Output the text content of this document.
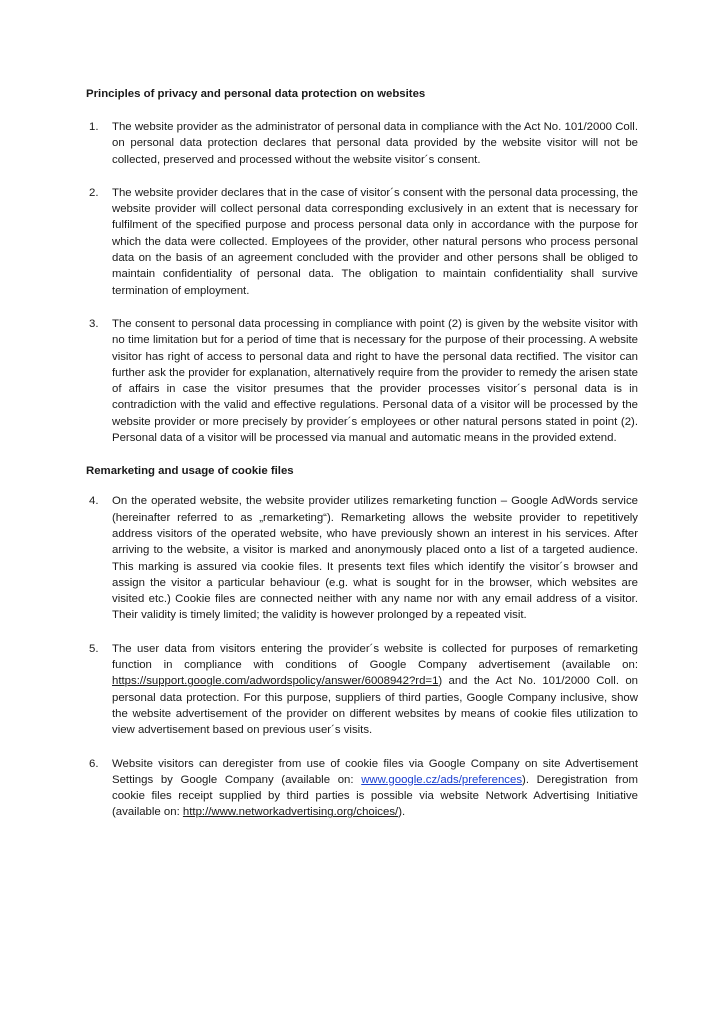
Principles of privacy and personal data protection on websites
1. The website provider as the administrator of personal data in compliance with the Act No. 101/2000 Coll. on personal data protection declares that personal data provided by the website visitor will not be collected, preserved and processed without the website visitor´s consent.
2. The website provider declares that in the case of visitor´s consent with the personal data processing, the website provider will collect personal data corresponding exclusively in an extent that is necessary for fulfilment of the specified purpose and process personal data only in accordance with the purpose for which the data were collected. Employees of the provider, other natural persons who process personal data on the basis of an agreement concluded with the provider and other persons shall be obliged to maintain confidentiality of personal data. The obligation to maintain confidentiality shall survive termination of employment.
3. The consent to personal data processing in compliance with point (2) is given by the website visitor with no time limitation but for a period of time that is necessary for the purpose of their processing. A website visitor has right of access to personal data and right to have the personal data rectified. The visitor can further ask the provider for explanation, alternatively require from the provider to remedy the arisen state of affairs in case the visitor presumes that the provider processes visitor´s personal data is in contradiction with the valid and effective regulations. Personal data of a visitor will be processed by the website provider or more precisely by provider´s employees or other natural persons stated in point (2). Personal data of a visitor will be processed via manual and automatic means in the provided extend.
Remarketing and usage of cookie files
4. On the operated website, the website provider utilizes remarketing function – Google AdWords service (hereinafter referred to as „remarketing“). Remarketing allows the website provider to repetitively address visitors of the operated website, who have previously shown an interest in his services. After arriving to the website, a visitor is marked and anonymously placed onto a list of a targeted audience. This marking is assured via cookie files. It presents text files which identify the visitor´s browser and assign the visitor a particular behaviour (e.g. what is sought for in the browser, which websites are visited etc.) Cookie files are connected neither with any name nor with any email address of a visitor. Their validity is timely limited; the validity is however prolonged by a repeated visit.
5. The user data from visitors entering the provider´s website is collected for purposes of remarketing function in compliance with conditions of Google Company advertisement (available on: https://support.google.com/adwordspolicy/answer/6008942?rd=1) and the Act No. 101/2000 Coll. on personal data protection. For this purpose, suppliers of third parties, Google Company inclusive, show the website advertisement of the provider on different websites by means of cookie files utilization to view advertisement based on previous user´s visits.
6. Website visitors can deregister from use of cookie files via Google Company on site Advertisement Settings by Google Company (available on: www.google.cz/ads/preferences). Deregistration from cookie files receipt supplied by third parties is possible via website Network Advertising Initiative (available on: http://www.networkadvertising.org/choices/).
